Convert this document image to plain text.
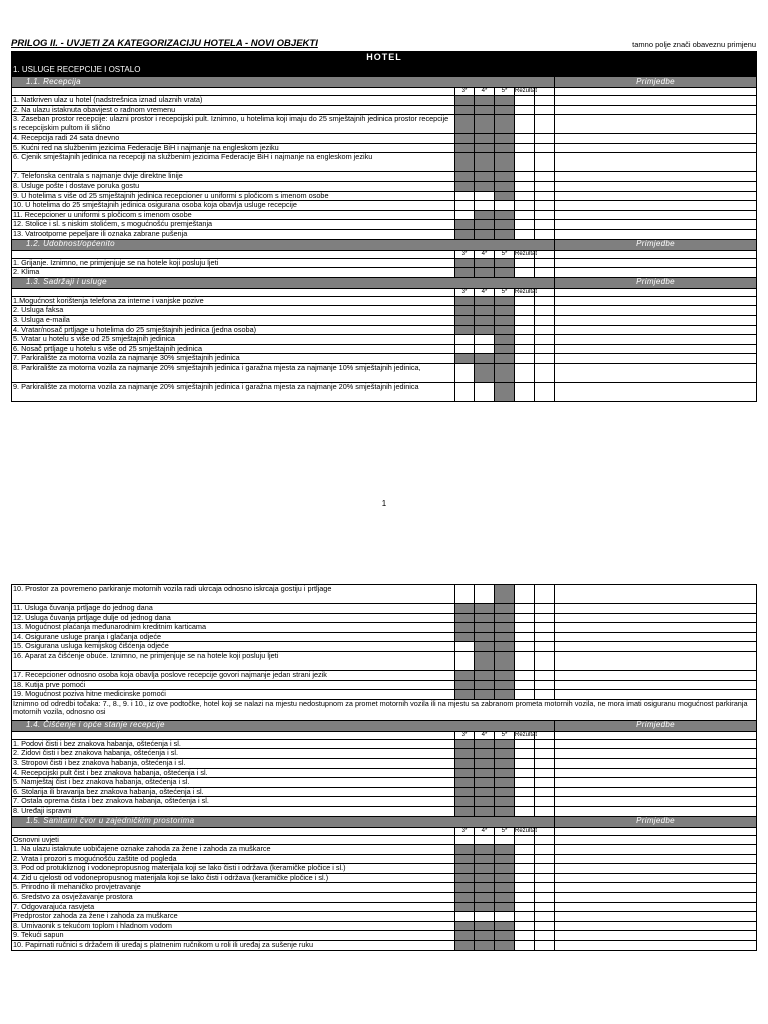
PRILOG II. - UVJETI ZA KATEGORIZACIJU HOTELA - NOVI OBJEKTI	tamno polje znači obaveznu primjenu
HOTEL						
1. USLUGE RECEPCIJE I OSTALO						
1.1. Recepcija						Primjedbe
	3*	4*	5*	Rezultat		
1. Natkriven ulaz u hotel (nadstrešnica iznad ulaznih vrata)						
2. Na ulazu istaknuta obavijest o radnom vremenu						
3. Zaseban prostor recepcije: ulazni prostor i recepcijski pult. Iznimno, u hotelima koji imaju do 25 smještajnih jedinica prostor recepcije s recepcijskim pultom ili slično						
4. Recepcija radi 24 sata dnevno						
5. Kućni red na službenim jezicima Federacije BiH i najmanje na engleskom jeziku						
6. Cjenik smještajnih jedinica na recepciji na službenim jezicima Federacije BiH i najmanje na engleskom jeziku						
7. Telefonska centrala s najmanje dvije direktne linije						
8. Usluge pošte i dostave poruka gostu						
9. U hotelima s više od 25 smještajnih jedinica recepcioner u uniformi s pločicom s imenom osobe						
10. U hotelima do 25 smještajnih jedinica osigurana osoba koja obavlja usluge recepcije						
11. Recepcioner u uniformi s pločicom s imenom osobe						
12. Stolice i sl. s niskim stolićem, s mogućnošću premještanja						
13. Vatrootporne pepeljare ili oznaka zabrane pušenja						
1.2. Udobnost/općenito						Primjedbe
	3*	4*	5*	Rezultat		
1. Grijanje. Iznimno, ne primjenjuje se na hotele koji posluju ljeti						
2. Klima						
1.3. Sadržaji i usluge						Primjedbe
	3*	4*	5*	Rezultat		
1.Mogućnost korištenja telefona za interne i vanjske pozive						
2. Usluga faksa						
3. Usluga e-maila						
4. Vratar/nosač prtljage u hotelima do 25 smještajnih jedinica (jedna osoba)						
5. Vratar u hotelu s više od 25 smještajnih jedinica						
6. Nosač prtljage u hotelu s više od 25 smještajnih jedinica						
7. Parkiralište za motorna vozila za najmanje 30% smještajnih jedinica						
8. Parkiralište za motorna vozila za najmanje 20% smještajnih jedinica i garažna mjesta za najmanje 10% smještajnih jedinica,						
9. Parkiralište za motorna vozila za najmanje 20% smještajnih jedinica i garažna mjesta za najmanje 20% smještajnih jedinica						
1
10. Prostor za povremeno parkiranje motornih vozila radi ukrcaja odnosno iskrcaja gostiju i prtljage						
11. Usluga čuvanja prtljage do jednog dana						
12. Usluga čuvanja prtljage dulje od jednog dana						
13. Mogućnost plaćanja međunarodnim kreditnim karticama						
14. Osigurane usluge pranja i glačanja odjeće						
15. Osigurana usluga kemijskog čišćenja odjeće						
16. Aparat za čišćenje obuće. Iznimno, ne primjenjuje se na hotele koji posluju ljeti						
17. Recepcioner odnosno osoba koja obavlja poslove recepcije govori najmanje jedan strani jezik						
18. Kutija prve pomoći						
19. Mogućnost poziva hitne medicinske pomoći						
Iznimno od odredbi točaka: 7., 8., 9. i 10., iz ove podtočke, hotel koji se nalazi na mjestu nedostupnom za promet motornih vozila ili na mjestu sa zabranom prometa motornih vozila, ne mora imati osiguranu mogućnost parkiranja motornih vozila, odnosno osi						
1.4. Čišćenje i opće stanje recepcije						Primjedbe
	3*	4*	5*	Rezultat		
1. Podovi čisti i bez znakova habanja, oštećenja i sl.						
2. Zidovi čisti i bez znakova habanja, oštećenja i sl.						
3. Stropovi čisti i bez znakova habanja, oštećenja i sl.						
4. Recepcijski pult čist i bez znakova habanja, oštećenja i sl.						
5. Namještaj čist i bez znakova habanja, oštećenja i sl.						
6. Stolarija ili bravarija bez znakova habanja, oštećenja i sl.						
7. Ostala oprema čista i bez znakova habanja, oštećenja i sl.						
8. Uređaji ispravni						
1.5. Sanitarni čvor u zajedničkim prostorima						Primjedbe
	3*	4*	5*	Rezultat		
Osnovni uvjeti						
1. Na ulazu istaknute uobičajene oznake zahoda za žene i zahoda za muškarce						
2. Vrata i prozori s mogućnošću zaštite od pogleda						
3. Pod od protukliznog i vodonepropusnog materijala koji se lako čisti i održava (keramičke pločice i sl.)						
4. Zid u cjelosti od vodonepropusnog materijala koji se lako čisti i održava (keramičke pločice i sl.)						
5. Prirodno ili mehaničko provjetravanje						
6. Sredstvo za osvježavanje prostora						
7. Odgovarajuća rasvjeta						
Predprostor zahoda za žene i zahoda za muškarce						
8. Umivaonik s tekućom toplom i hladnom vodom						
9. Tekući sapun						
10. Papirnati ručnici s držačem ili uređaj s platnenim ručnikom u roli ili uređaj za sušenje ruku						
